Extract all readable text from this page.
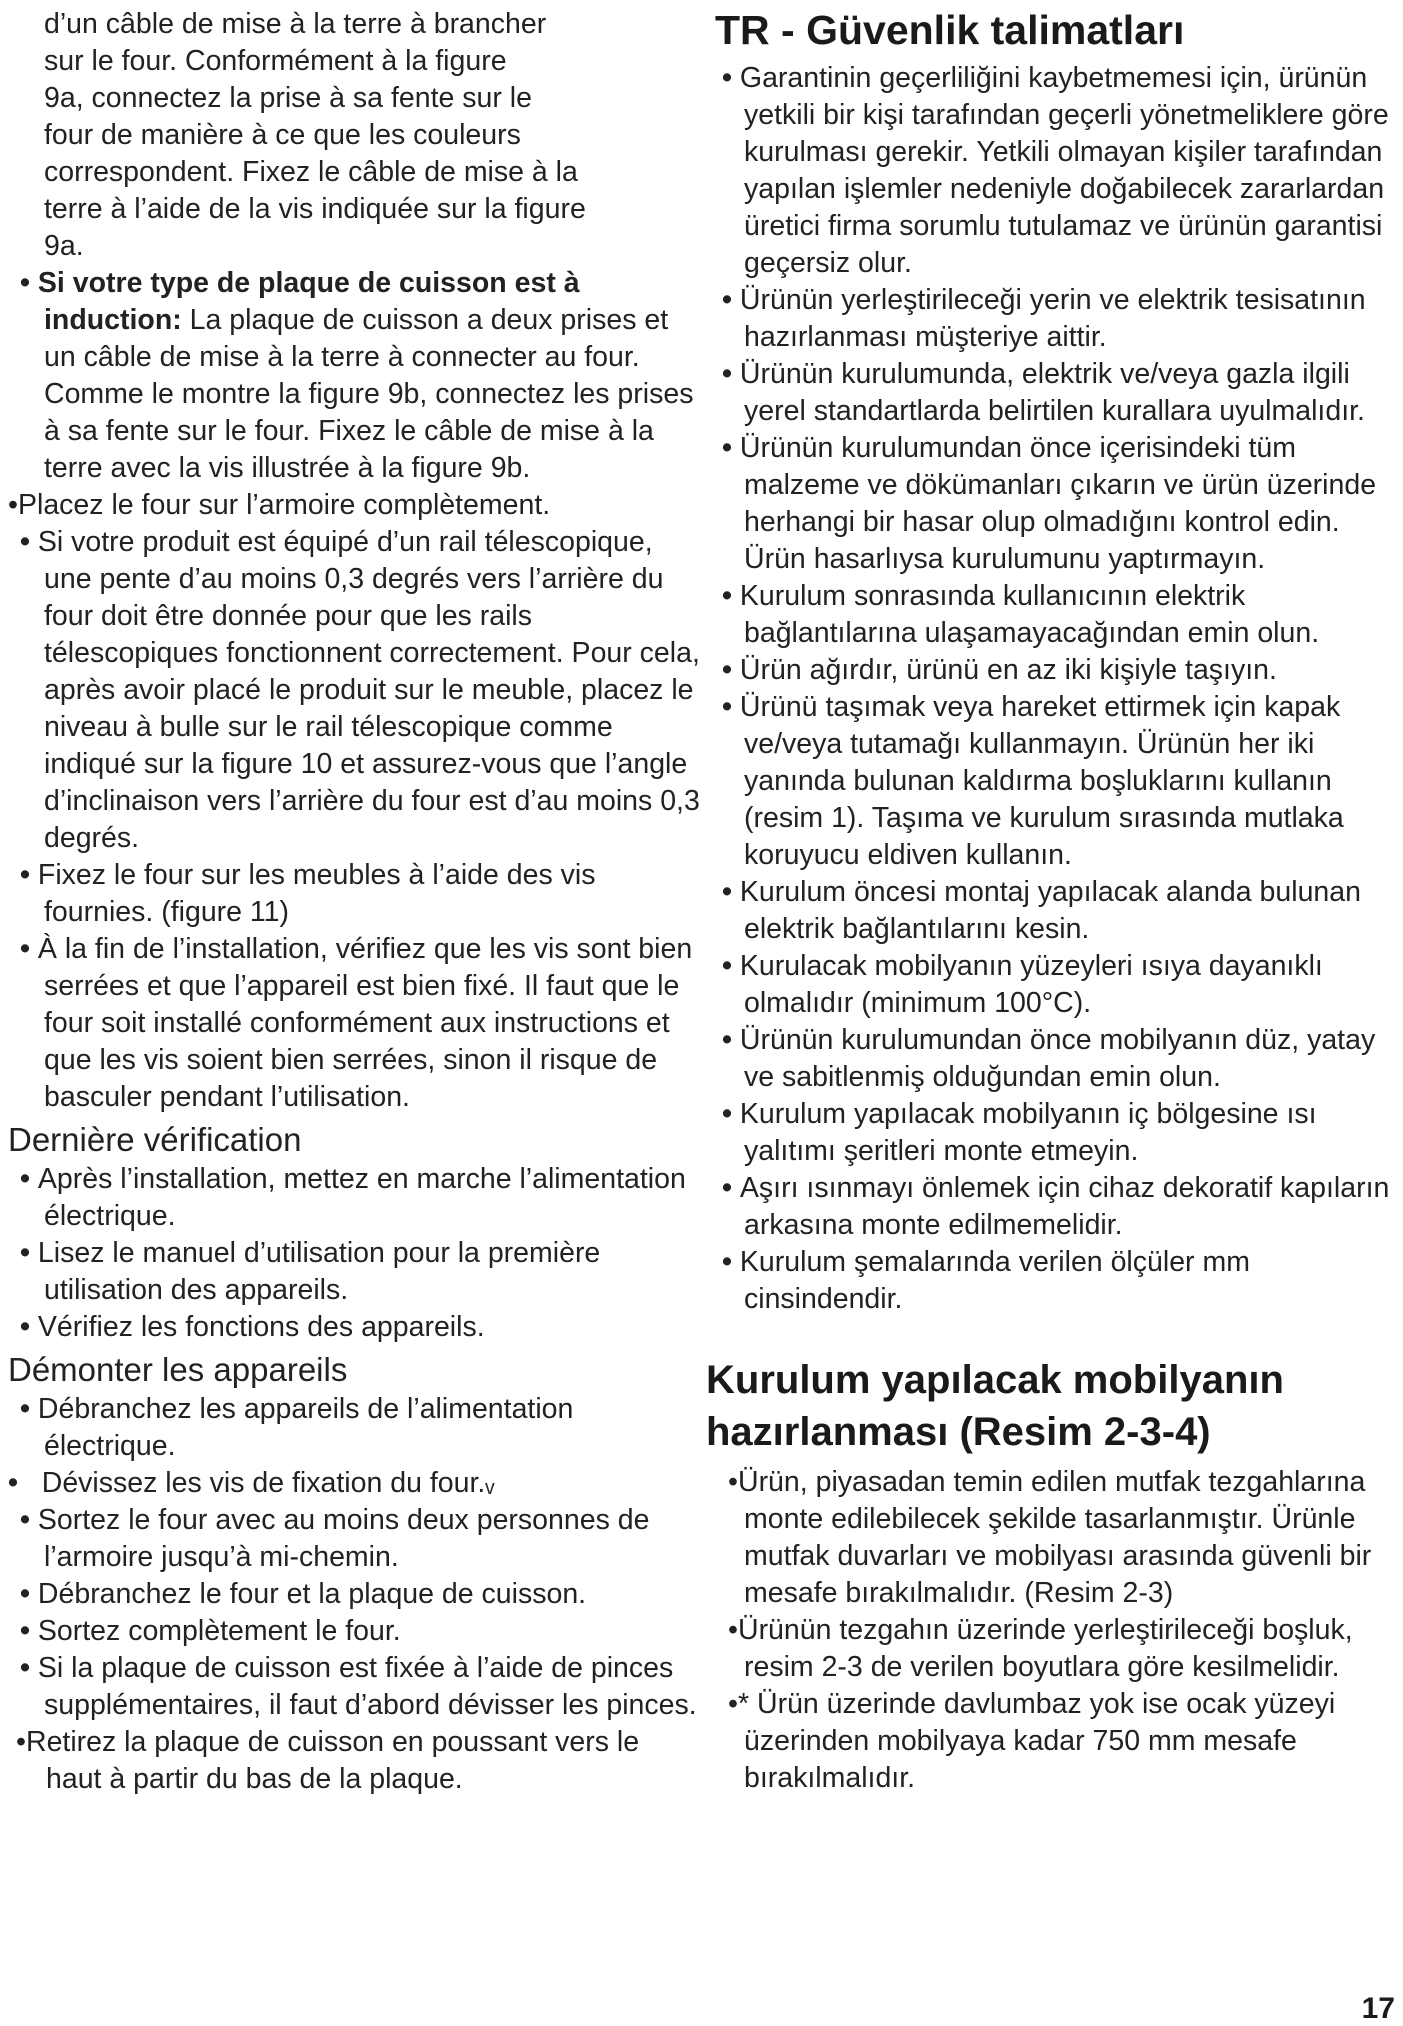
d’un câble de mise à la terre à brancher
sur le four. Conformément à la figure
9a, connectez la prise à sa fente sur le
four de manière à ce que les couleurs
correspondent. Fixez le câble de mise à la
terre à l’aide de la vis indiquée sur la figure
9a.

• Si votre type de plaque de cuisson est à induction: La plaque de cuisson a deux prises et un câble de mise à la terre à connecter au four. Comme le montre la figure 9b, connectez les prises à sa fente sur le four. Fixez le câble de mise à la terre avec la vis illustrée à la figure 9b.

•Placez le four sur l’armoire complètement.

• Si votre produit est équipé d’un rail télescopique, une pente d’au moins 0,3 degrés vers l’arrière du four doit être donnée pour que les rails télescopiques fonctionnent correctement. Pour cela, après avoir placé le produit sur le meuble, placez le niveau à bulle sur le rail télescopique comme indiqué sur la figure 10 et assurez-vous que l’angle d’inclinaison vers l’arrière du four est d’au moins 0,3 degrés.

• Fixez le four sur les meubles à l’aide des vis fournies. (figure 11)

• À la fin de l’installation, vérifiez que les vis sont bien serrées et que l’appareil est bien fixé. Il faut que le four soit installé conformément aux instructions et que les vis soient bien serrées, sinon il risque de basculer pendant l’utilisation.

Dernière vérification

• Après l’installation, mettez en marche l’alimentation électrique.

• Lisez le manuel d’utilisation pour la première utilisation des appareils.

• Vérifiez les fonctions des appareils.

Démonter les appareils

• Débranchez les appareils de l’alimentation électrique.

• Dévissez les vis de fixation du four.ᵥ

• Sortez le four avec au moins deux personnes de l’armoire jusqu’à mi-chemin.

• Débranchez le four et la plaque de cuisson.

• Sortez complètement le four.

• Si la plaque de cuisson est fixée à l’aide de pinces supplémentaires, il faut d’abord dévisser les pinces.

•Retirez la plaque de cuisson en poussant vers le haut à partir du bas de la plaque.

TR - Güvenlik talimatları

• Garantinin geçerliliğini kaybetmemesi için, ürünün yetkili bir kişi tarafından geçerli yönetmeliklere göre kurulması gerekir. Yetkili olmayan kişiler tarafından yapılan işlemler nedeniyle doğabilecek zararlardan üretici firma sorumlu tutulamaz ve ürünün garantisi geçersiz olur.

• Ürünün yerleştirileceği yerin ve elektrik tesisatının hazırlanması müşteriye aittir.

• Ürünün kurulumunda, elektrik ve/veya gazla ilgili yerel standartlarda belirtilen kurallara uyulmalıdır.

• Ürünün kurulumundan önce içerisindeki tüm malzeme ve dökümanları çıkarın ve ürün üzerinde herhangi bir hasar olup olmadığını kontrol edin. Ürün hasarlıysa kurulumunu yaptırmayın.

• Kurulum sonrasında kullanıcının elektrik bağlantılarına ulaşamayacağından emin olun.

• Ürün ağırdır, ürünü en az iki kişiyle taşıyın.

• Ürünü taşımak veya hareket ettirmek için kapak ve/veya tutamağı kullanmayın. Ürünün her iki yanında bulunan kaldırma boşluklarını kullanın (resim 1). Taşıma ve kurulum sırasında mutlaka koruyucu eldiven kullanın.

• Kurulum öncesi montaj yapılacak alanda bulunan elektrik bağlantılarını kesin.

• Kurulacak mobilyanın yüzeyleri ısıya dayanıklı olmalıdır (minimum 100°C).

• Ürünün kurulumundan önce mobilyanın düz, yatay ve sabitlenmiş olduğundan emin olun.

• Kurulum yapılacak mobilyanın iç bölgesine ısı yalıtımı şeritleri monte etmeyin.

• Aşırı ısınmayı önlemek için cihaz dekoratif kapıların arkasına monte edilmemelidir.

• Kurulum şemalarında verilen ölçüler mm cinsindendir.

Kurulum yapılacak mobilyanın hazırlanması (Resim 2-3-4)

•Ürün, piyasadan temin edilen mutfak tezgahlarına monte edilebilecek şekilde tasarlanmıştır. Ürünle mutfak duvarları ve mobilyası arasında güvenli bir mesafe bırakılmalıdır. (Resim 2-3)

•Ürünün tezgahın üzerinde yerleştirileceği boşluk, resim 2-3 de verilen boyutlara göre kesilmelidir.

•* Ürün üzerinde davlumbaz yok ise ocak yüzeyi üzerinden mobilyaya kadar 750 mm mesafe bırakılmalıdır.

17
